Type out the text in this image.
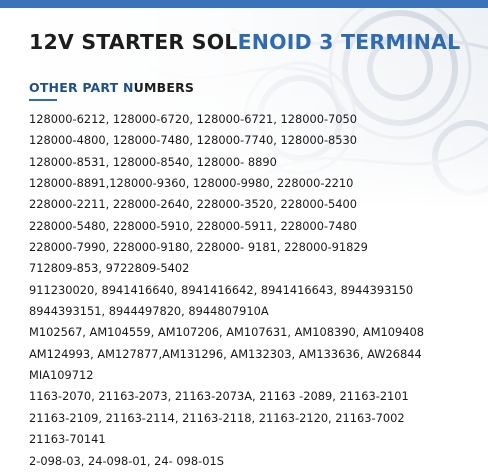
12V STARTER SOLENOID 3 TERMINAL
OTHER PART NUMBERS
128000-6212, 128000-6720, 128000-6721, 128000-7050
128000-4800, 128000-7480, 128000-7740, 128000-8530
128000-8531, 128000-8540, 128000- 8890
128000-8891,128000-9360, 128000-9980, 228000-2210
228000-2211, 228000-2640, 228000-3520, 228000-5400
228000-5480, 228000-5910, 228000-5911, 228000-7480
228000-7990, 228000-9180, 228000- 9181, 228000-91829
712809-853, 9722809-5402
911230020, 8941416640, 8941416642, 8941416643, 8944393150
8944393151, 8944497820, 8944807910A
M102567, AM104559, AM107206, AM107631, AM108390, AM109408
AM124993, AM127877,AM131296, AM132303, AM133636, AW26844
MIA109712
1163-2070, 21163-2073, 21163-2073A, 21163 -2089, 21163-2101
21163-2109, 21163-2114, 21163-2118, 21163-2120, 21163-7002
21163-70141
2-098-03, 24-098-01, 24- 098-01S
